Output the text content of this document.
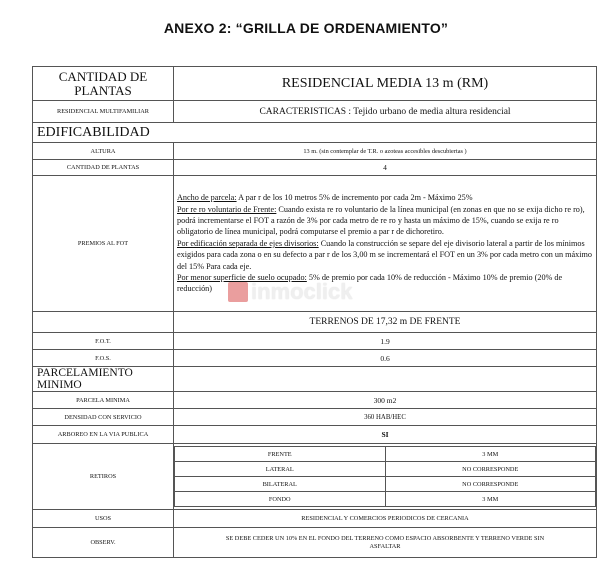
ANEXO 2: “GRILLA DE ORDENAMIENTO”
CANTIDAD DE PLANTAS	RESIDENCIAL MEDIA 13 m (RM)
RESIDENCIAL MULTIFAMILIAR	CARACTERISTICAS : Tejido urbano de media altura residencial
EDIFICABILIDAD
ALTURA	13 m. (sin contemplar de T.R. o azoteas accesibles descubiertas )
CANTIDAD DE PLANTAS	4
PREMIOS AL FOT	

Ancho de parcela: A par r de los 10 metros 5% de incremento por cada 2m - Máximo 25%

Por re ro voluntario de Frente: Cuando exista re ro voluntario de la línea municipal (en zonas en que no se exija dicho re ro), podrá incrementarse el FOT a razón de 3% por cada metro de re ro y hasta un máximo de 15%, cuando se exija re ro obligatorio de línea municipal, podrá computarse el premio a par r de dichoretiro.

Por edificación separada de ejes divisorios: Cuando la construcción se separe del eje divisorio lateral a partir de los mínimos exigidos para cada zona o en su defecto a par r de los 3,00 m se incrementará el FOT en un 3% por cada metro con un máximo del 15% Para cada eje.

Por menor superficie de suelo ocupado: 5% de premio por cada 10% de reducción - Máximo 10% de premio (20% de reducción)

	TERRENOS DE 17,32 m DE FRENTE
F.O.T.	1.9
F.O.S.	0.6
PARCELAMIENTO MINIMO	
PARCELA MINIMA	300 m2
DENSIDAD CON SERVICIO	360 HAB/HEC
ARBOREO EN LA VIA PUBLICA	SI
RETIROS	
FRENTE	3 MM
LATERAL	NO CORRESPONDE
BILATERAL	NO CORRESPONDE
FONDO	3 MM

USOS	RESIDENCIAL Y COMERCIOS PERIODICOS DE CERCANIA
OBSERV.	SE DEBE CEDER UN 10% EN EL FONDO DEL TERRENO COMO ESPACIO ABSORBENTE Y TERRENO VERDE SIN ASFALTAR
inmoclick
